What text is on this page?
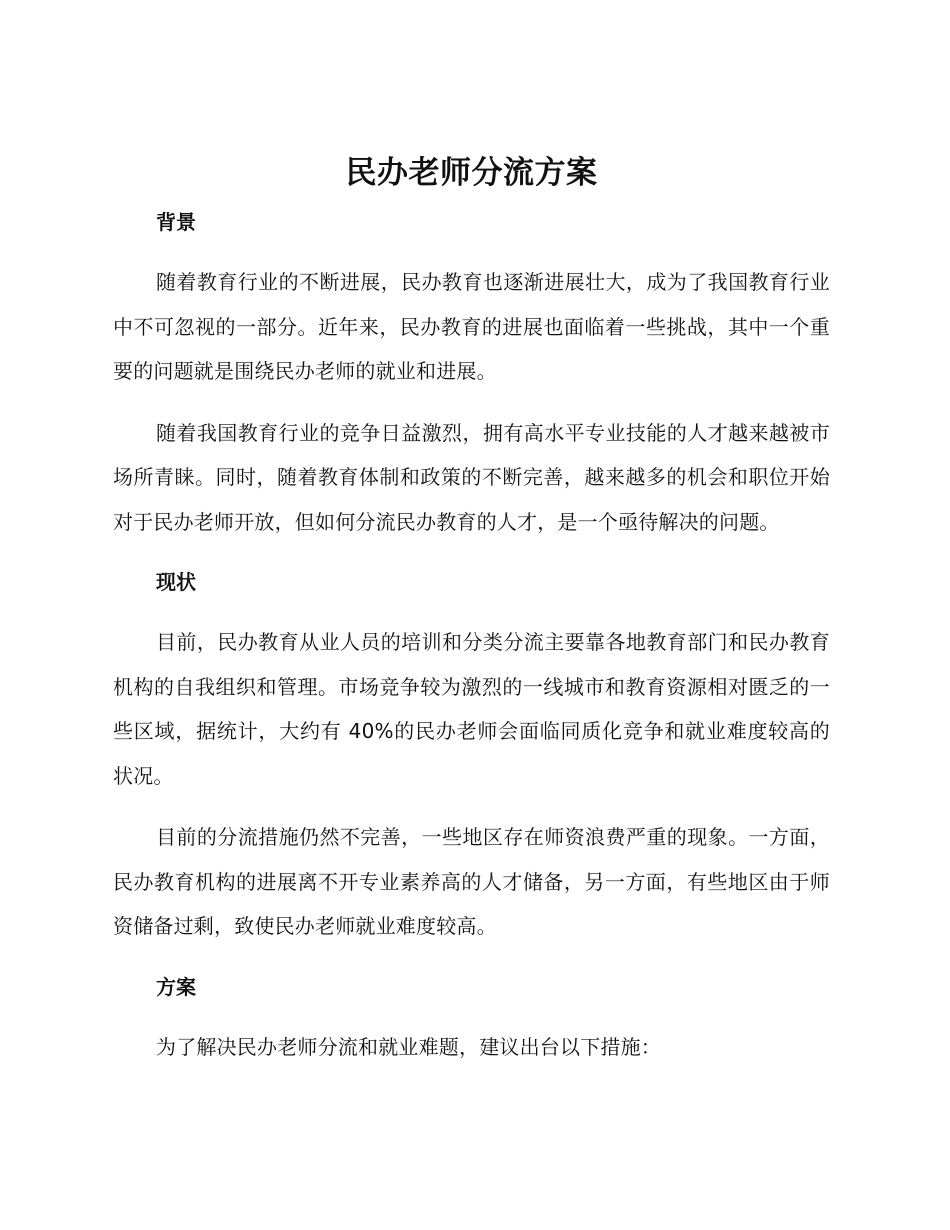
民办老师分流方案
背景

随着教育行业的不断进展，民办教育也逐渐进展壮大，成为了我国教育行业中不可忽视的一部分。近年来，民办教育的进展也面临着一些挑战，其中一个重要的问题就是围绕民办老师的就业和进展。

随着我国教育行业的竞争日益激烈，拥有高水平专业技能的人才越来越被市场所青睐。同时，随着教育体制和政策的不断完善，越来越多的机会和职位开始对于民办老师开放，但如何分流民办教育的人才，是一个亟待解决的问题。

现状

目前，民办教育从业人员的培训和分类分流主要靠各地教育部门和民办教育机构的自我组织和管理。市场竞争较为激烈的一线城市和教育资源相对匮乏的一些区域，据统计，大约有 40%的民办老师会面临同质化竞争和就业难度较高的状况。

目前的分流措施仍然不完善，一些地区存在师资浪费严重的现象。一方面，民办教育机构的进展离不开专业素养高的人才储备，另一方面，有些地区由于师资储备过剩，致使民办老师就业难度较高。

方案

为了解决民办老师分流和就业难题，建议出台以下措施：
